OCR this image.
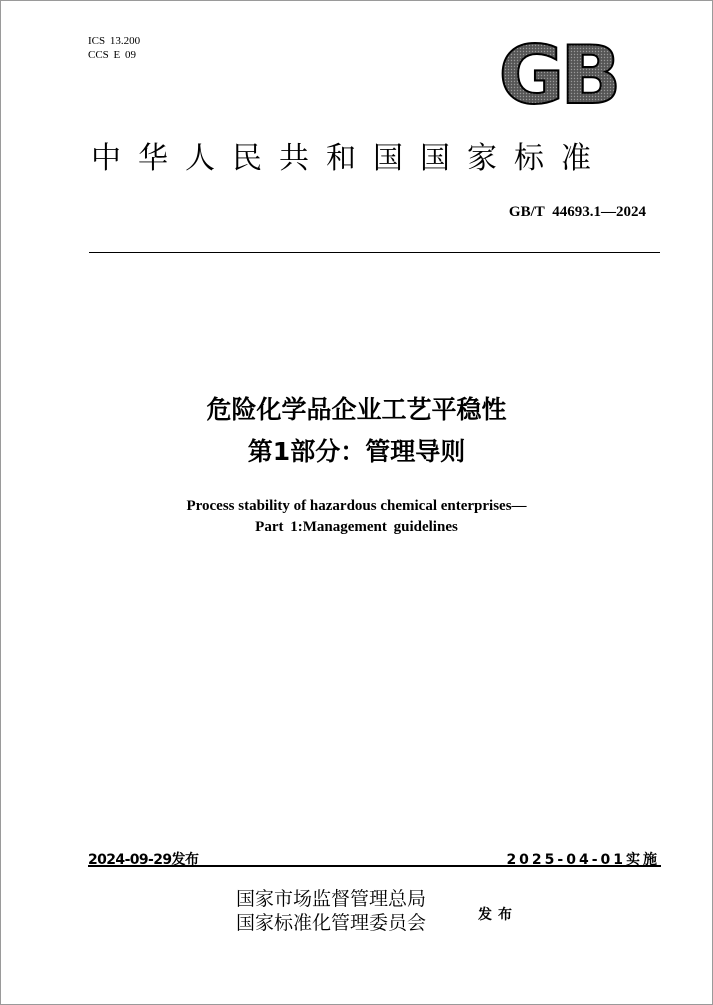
ICS 13.200
CCS E 09	GB
中华人民共和国国家标准
GB/T 44693.1—2024
危险化学品企业工艺平稳性
第1部分：管理导则
Process stability of hazardous chemical enterprises—
Part 1:Management guidelines
2024-09-29发布	2025-04-01实施
国家市场监督管理总局
国家标准化管理委员会	发布
